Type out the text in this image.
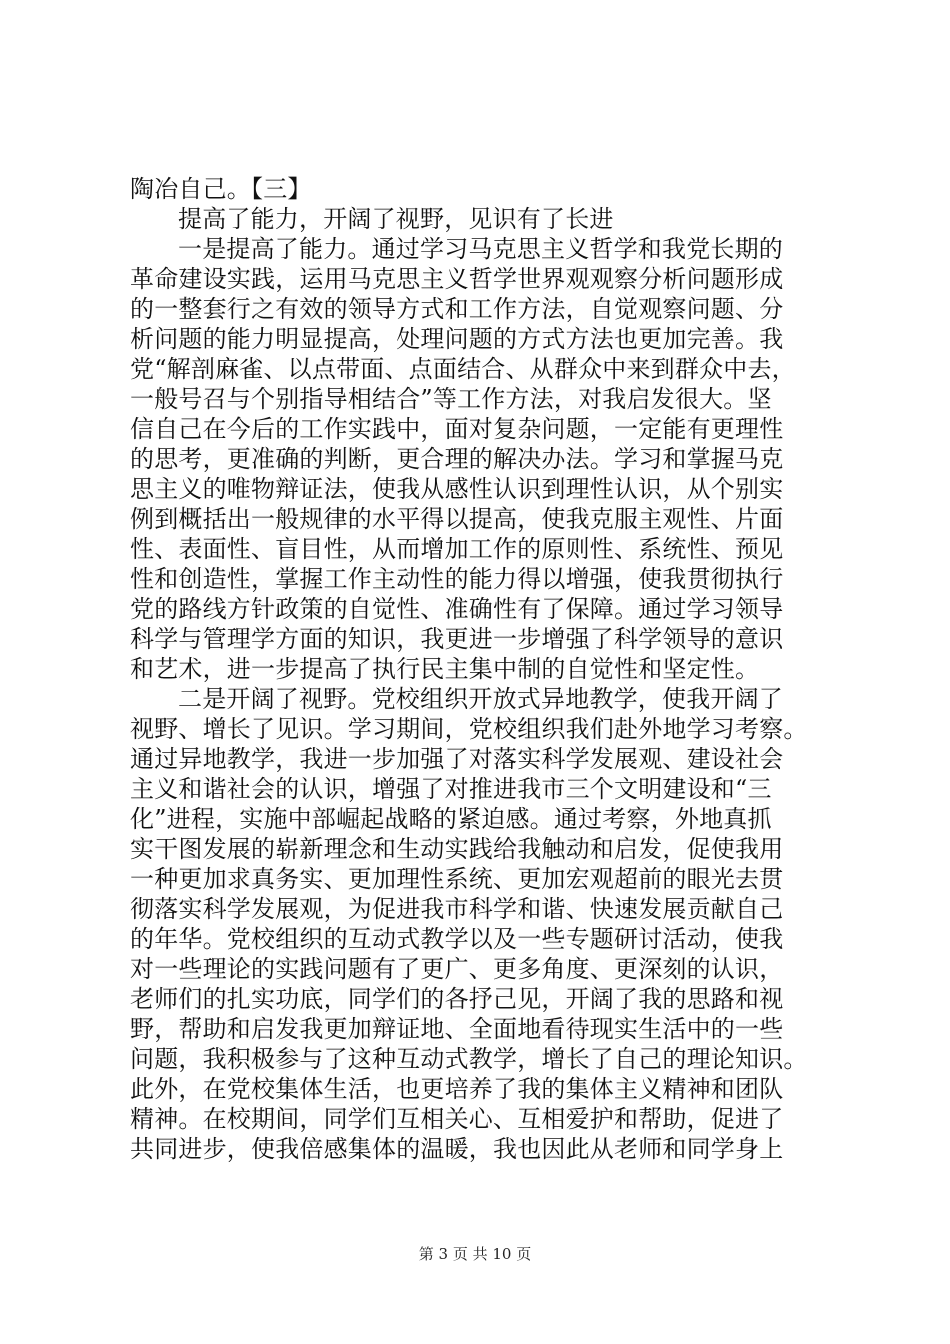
陶冶自己。【三】
提高了能力，开阔了视野，见识有了长进
一是提高了能力。通过学习马克思主义哲学和我党长期的
革命建设实践，运用马克思主义哲学世界观观察分析问题形成
的一整套行之有效的领导方式和工作方法，自觉观察问题、分
析问题的能力明显提高，处理问题的方式方法也更加完善。我
党“解剖麻雀、以点带面、点面结合、从群众中来到群众中去，
一般号召与个别指导相结合”等工作方法，对我启发很大。坚
信自己在今后的工作实践中，面对复杂问题，一定能有更理性
的思考，更准确的判断，更合理的解决办法。学习和掌握马克
思主义的唯物辩证法，使我从感性认识到理性认识，从个别实
例到概括出一般规律的水平得以提高，使我克服主观性、片面
性、表面性、盲目性，从而增加工作的原则性、系统性、预见
性和创造性，掌握工作主动性的能力得以增强，使我贯彻执行
党的路线方针政策的自觉性、准确性有了保障。通过学习领导
科学与管理学方面的知识，我更进一步增强了科学领导的意识
和艺术，进一步提高了执行民主集中制的自觉性和坚定性。
二是开阔了视野。党校组织开放式异地教学，使我开阔了
视野、增长了见识。学习期间，党校组织我们赴外地学习考察。
通过异地教学，我进一步加强了对落实科学发展观、建设社会
主义和谐社会的认识，增强了对推进我市三个文明建设和“三
化”进程，实施中部崛起战略的紧迫感。通过考察，外地真抓
实干图发展的崭新理念和生动实践给我触动和启发，促使我用
一种更加求真务实、更加理性系统、更加宏观超前的眼光去贯
彻落实科学发展观，为促进我市科学和谐、快速发展贡献自己
的年华。党校组织的互动式教学以及一些专题研讨活动，使我
对一些理论的实践问题有了更广、更多角度、更深刻的认识，
老师们的扎实功底，同学们的各抒己见，开阔了我的思路和视
野，帮助和启发我更加辩证地、全面地看待现实生活中的一些
问题，我积极参与了这种互动式教学，增长了自己的理论知识。
此外，在党校集体生活，也更培养了我的集体主义精神和团队
精神。在校期间，同学们互相关心、互相爱护和帮助，促进了
共同进步，使我倍感集体的温暖，我也因此从老师和同学身上
第 3 页 共 10 页
